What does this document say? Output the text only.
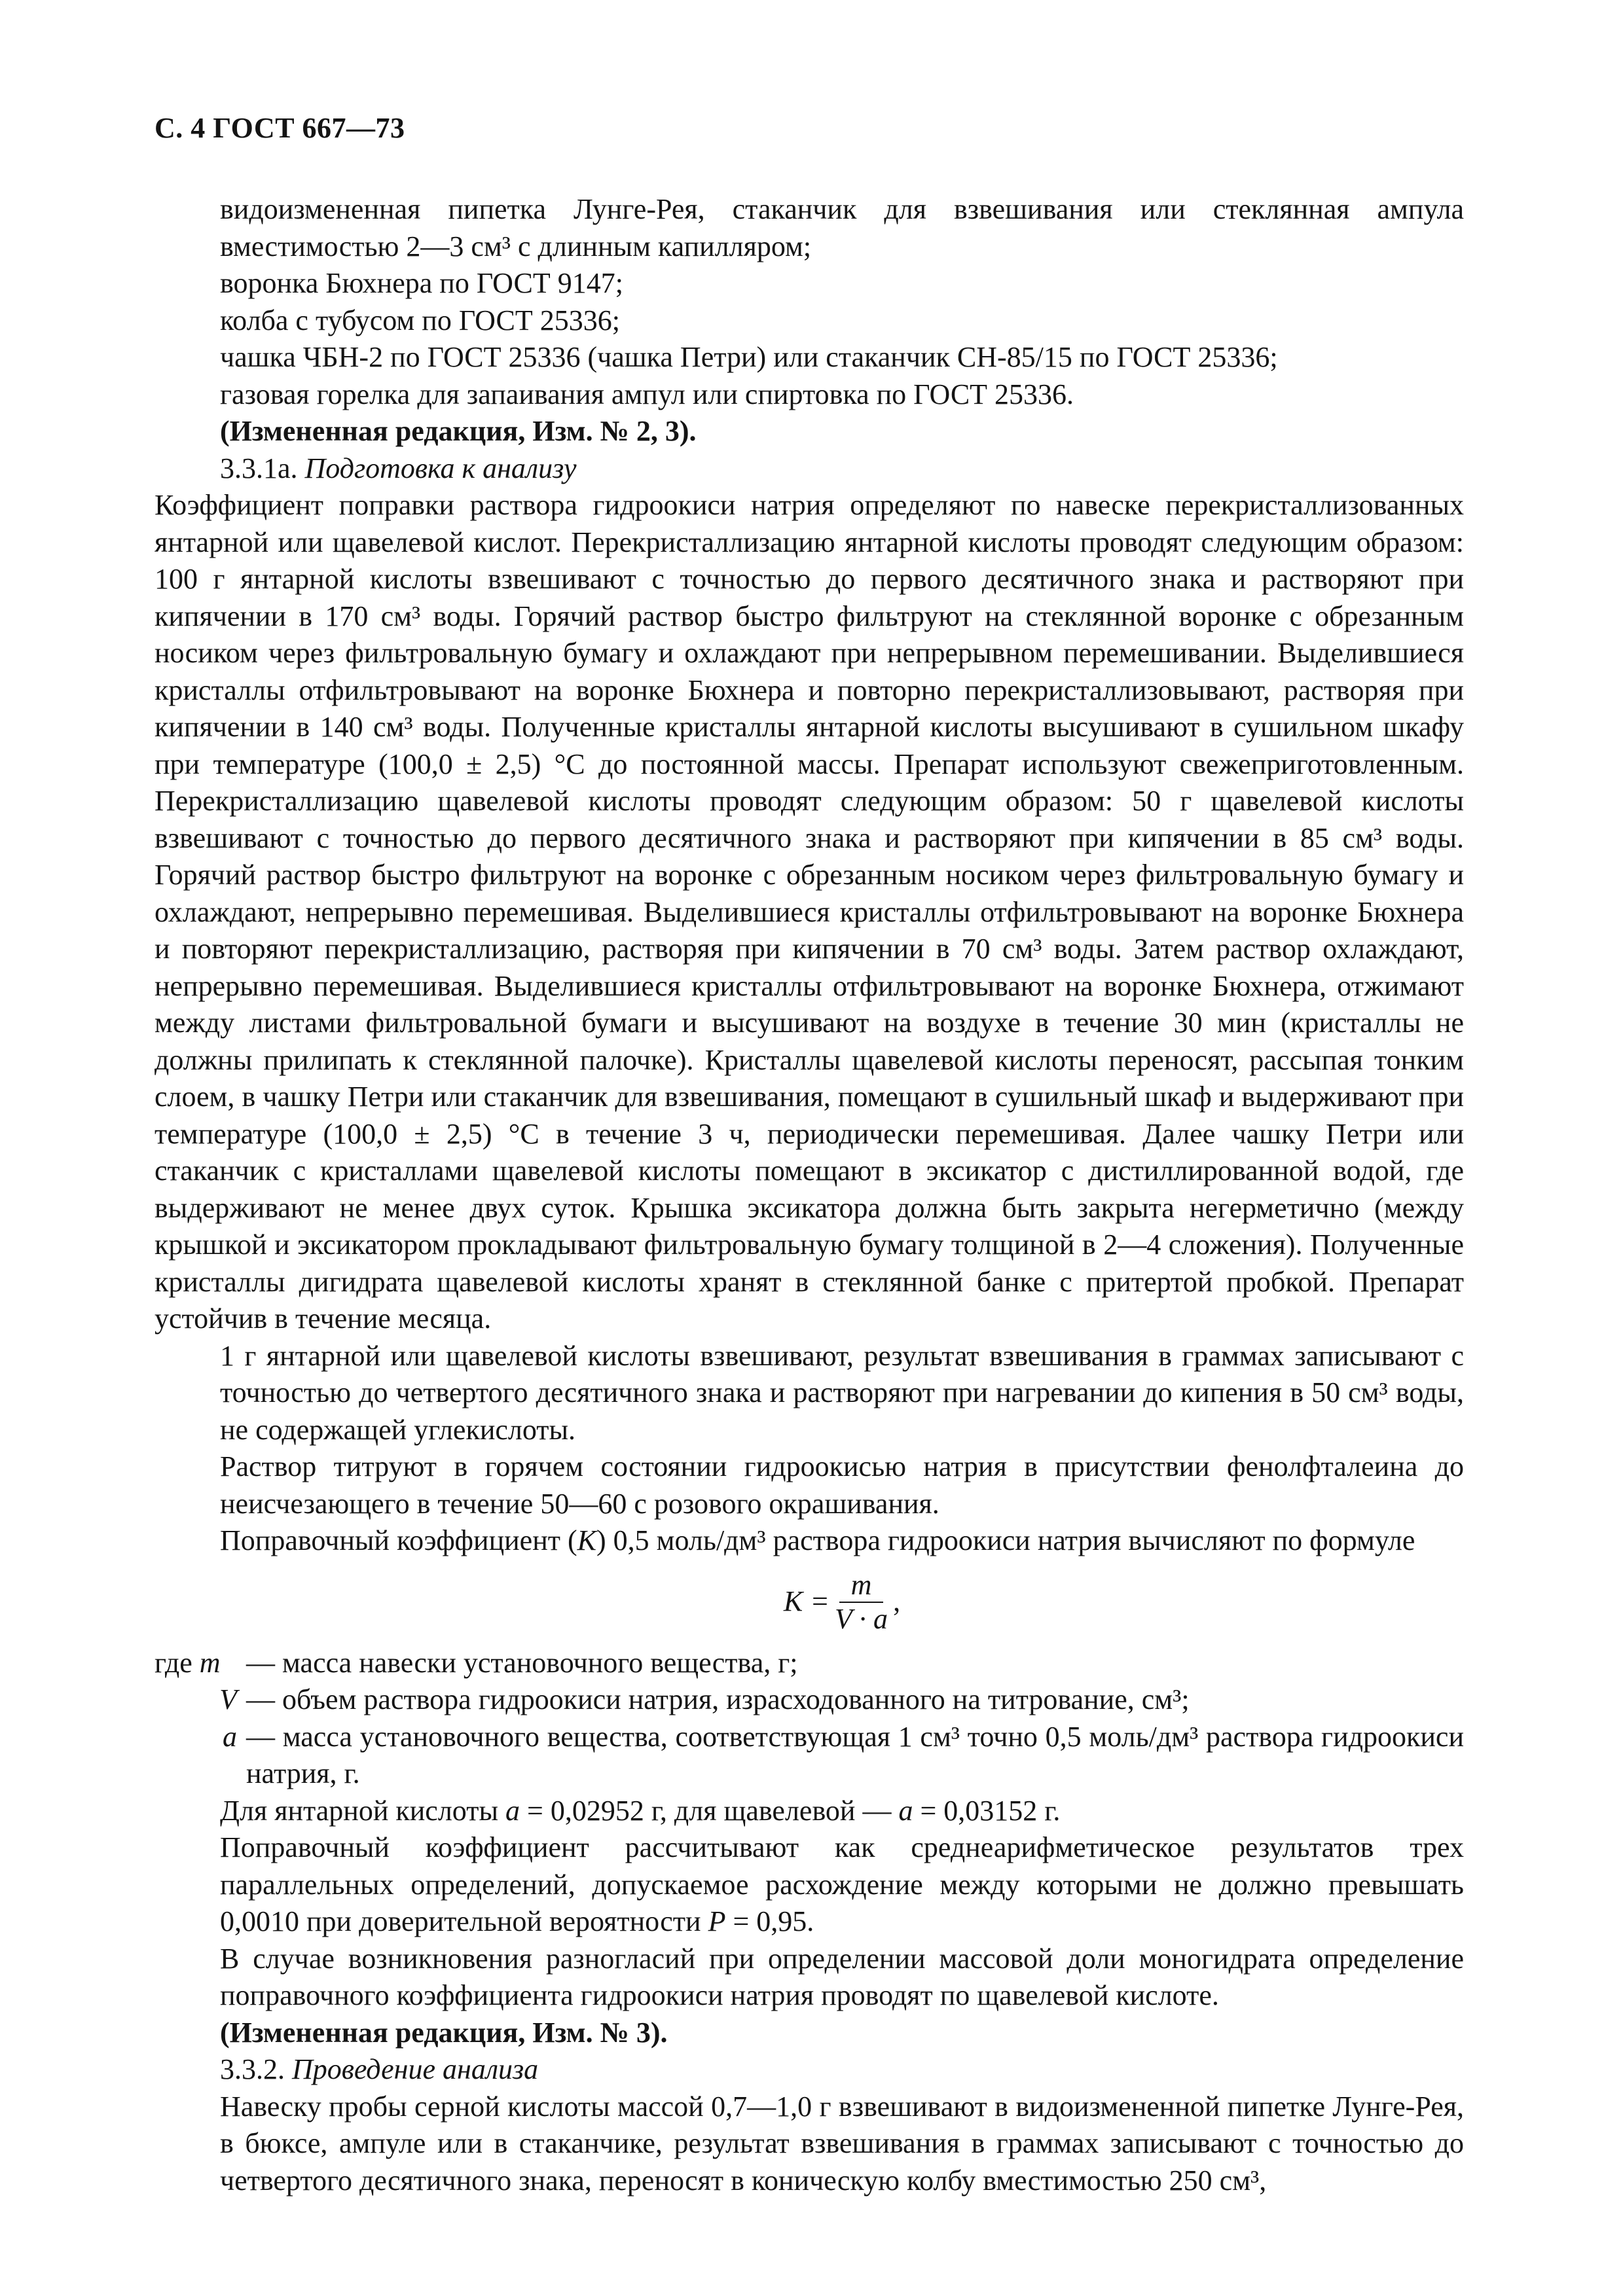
С. 4 ГОСТ 667—73

видоизмененная пипетка Лунге-Рея, стаканчик для взвешивания или стеклянная ампула вместимостью 2—3 см³ с длинным капилляром;

воронка Бюхнера по ГОСТ 9147;

колба с тубусом по ГОСТ 25336;

чашка ЧБН-2 по ГОСТ 25336 (чашка Петри) или стаканчик СН-85/15 по ГОСТ 25336;

газовая горелка для запаивания ампул или спиртовка по ГОСТ 25336.

(Измененная редакция, Изм. № 2, 3).

3.3.1а. Подготовка к анализу

Коэффициент поправки раствора гидроокиси натрия определяют по навеске перекристаллизованных янтарной или щавелевой кислот. Перекристаллизацию янтарной кислоты проводят следующим образом: 100 г янтарной кислоты взвешивают с точностью до первого десятичного знака и растворяют при кипячении в 170 см³ воды. Горячий раствор быстро фильтруют на стеклянной воронке с обрезанным носиком через фильтровальную бумагу и охлаждают при непрерывном перемешивании. Выделившиеся кристаллы отфильтровывают на воронке Бюхнера и повторно перекристаллизовывают, растворяя при кипячении в 140 см³ воды. Полученные кристаллы янтарной кислоты высушивают в сушильном шкафу при температуре (100,0 ± 2,5) °С до постоянной массы. Препарат используют свежеприготовленным. Перекристаллизацию щавелевой кислоты проводят следующим образом: 50 г щавелевой кислоты взвешивают с точностью до первого десятичного знака и растворяют при кипячении в 85 см³ воды. Горячий раствор быстро фильтруют на воронке с обрезанным носиком через фильтровальную бумагу и охлаждают, непрерывно перемешивая. Выделившиеся кристаллы отфильтровывают на воронке Бюхнера и повторяют перекристаллизацию, растворяя при кипячении в 70 см³ воды. Затем раствор охлаждают, непрерывно перемешивая. Выделившиеся кристаллы отфильтровывают на воронке Бюхнера, отжимают между листами фильтровальной бумаги и высушивают на воздухе в течение 30 мин (кристаллы не должны прилипать к стеклянной палочке). Кристаллы щавелевой кислоты переносят, рассыпая тонким слоем, в чашку Петри или стаканчик для взвешивания, помещают в сушильный шкаф и выдерживают при температуре (100,0 ± 2,5) °С в течение 3 ч, периодически перемешивая. Далее чашку Петри или стаканчик с кристаллами щавелевой кислоты помещают в эксикатор с дистиллированной водой, где выдерживают не менее двух суток. Крышка эксикатора должна быть закрыта негерметично (между крышкой и эксикатором прокладывают фильтровальную бумагу толщиной в 2—4 сложения). Полученные кристаллы дигидрата щавелевой кислоты хранят в стеклянной банке с притертой пробкой. Препарат устойчив в течение месяца.

1 г янтарной или щавелевой кислоты взвешивают, результат взвешивания в граммах записывают с точностью до четвертого десятичного знака и растворяют при нагревании до кипения в 50 см³ воды, не содержащей углекислоты.

Раствор титруют в горячем состоянии гидроокисью натрия в присутствии фенолфталеина до неисчезающего в течение 50—60 с розового окрашивания.

Поправочный коэффициент (K) 0,5 моль/дм³ раствора гидроокиси натрия вычисляют по формуле

$K = \frac{m}{V \cdot a}$ ,
где m — масса навески установочного вещества, г;
V — объем раствора гидроокиси натрия, израсходованного на титрование, см³;
a — масса установочного вещества, соответствующая 1 см³ точно 0,5 моль/дм³ раствора гидроокиси натрия, г.

Для янтарной кислоты a = 0,02952 г, для щавелевой — a = 0,03152 г.

Поправочный коэффициент рассчитывают как среднеарифметическое результатов трех параллельных определений, допускаемое расхождение между которыми не должно превышать 0,0010 при доверительной вероятности P = 0,95.

В случае возникновения разногласий при определении массовой доли моногидрата определение поправочного коэффициента гидроокиси натрия проводят по щавелевой кислоте.

(Измененная редакция, Изм. № 3).

3.3.2. Проведение анализа

Навеску пробы серной кислоты массой 0,7—1,0 г взвешивают в видоизмененной пипетке Лунге-Рея, в бюксе, ампуле или в стаканчике, результат взвешивания в граммах записывают с точностью до четвертого десятичного знака, переносят в коническую колбу вместимостью 250 см³,
